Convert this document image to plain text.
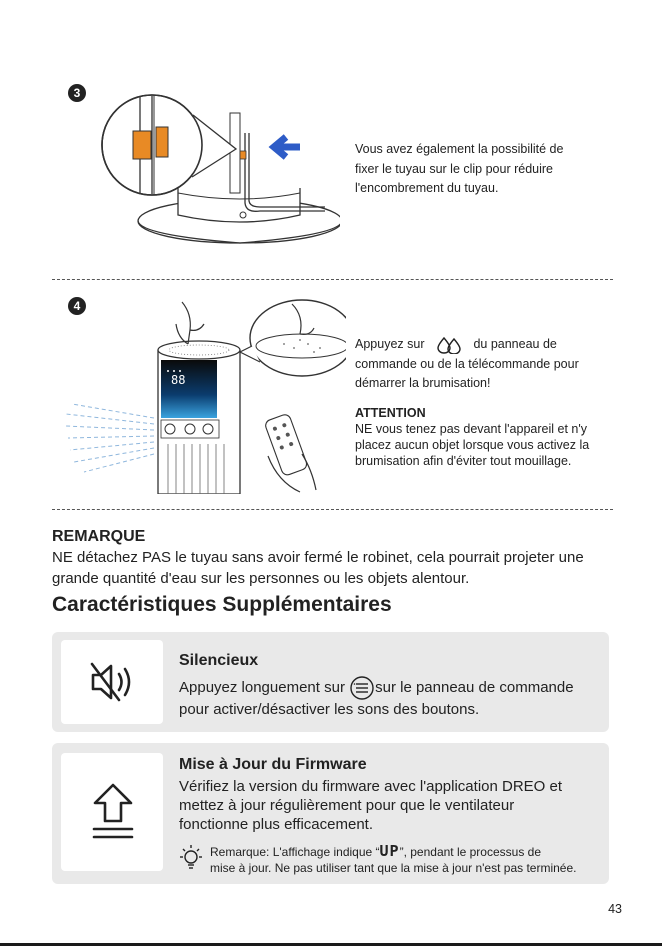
3

Vous avez également la possibilité de

fixer le tuyau sur le clip pour réduire

l'encombrement du tuyau.

4
88

Appuyez sur	du panneau de

commande ou de la télécommande pour

démarrer la brumisation!

ATTENTION

NE vous tenez pas devant l'appareil et n'y

placez aucun objet lorsque vous activez la

brumisation afin d'éviter tout mouillage.

REMARQUE
NE détachez PAS le tuyau sans avoir fermé le robinet, cela pourrait projeter une grande quantité d'eau sur les personnes ou les objets alentour.
Caractéristiques Supplémentaires
Silencieux
Appuyez longuement sur sur le panneau de commande
pour activer/désactiver les sons des boutons.
Mise à Jour du Firmware
Vérifiez la version du firmware avec l'application DREO et
mettez à jour régulièrement pour que le ventilateur
fonctionne plus efficacement.
Remarque: L'affichage indique “UP”, pendant le processus de
mise à jour. Ne pas utiliser tant que la mise à jour n'est pas terminée.
43
